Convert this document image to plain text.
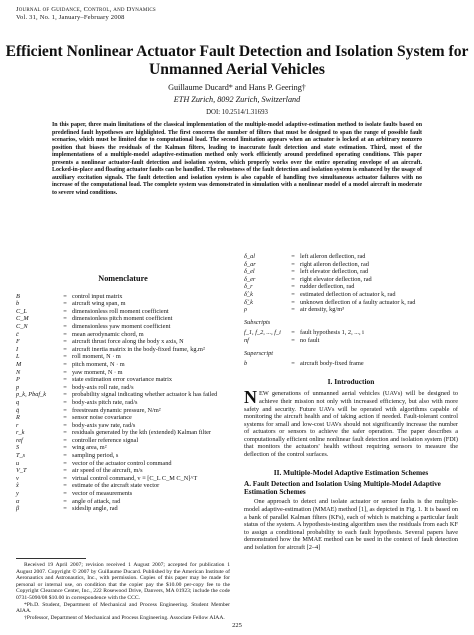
Journal of Guidance, Control, and Dynamics
Vol. 31, No. 1, January–February 2008
Efficient Nonlinear Actuator Fault Detection and Isolation System for Unmanned Aerial Vehicles
Guillaume Ducard* and Hans P. Geering†
ETH Zurich, 8092 Zurich, Switzerland
DOI: 10.2514/1.31693
In this paper, three main limitations of the classical implementation of the multiple-model adaptive-estimation method to isolate faults based on predefined fault hypotheses are highlighted. The first concerns the number of filters that must be designed to span the range of possible fault scenarios, which must be limited due to computational load. The second limitation appears when an actuator is locked at an arbitrary nonzero position that biases the residuals of the Kalman filters, leading to inaccurate fault detection and state estimation. Third, most of the implementations of a multiple-model adaptive-estimation method only work efficiently around predefined operating conditions. This paper presents a nonlinear actuator-fault detection and isolation system, which properly works over the entire operating envelope of an aircraft. Locked-in-place and floating actuator faults can be handled. The robustness of the fault detection and isolation system is enhanced by the usage of auxiliary excitation signals. The fault detection and isolation system is also capable of handling two simultaneous actuator failures with no increase of the computational load. The complete system was demonstrated in simulation with a nonlinear model of a model aircraft in moderate to severe wind conditions.
Nomenclature
B	= control input matrix
b	= aircraft wing span, m
C_L	= dimensionless roll moment coefficient
C_M	= dimensionless pitch moment coefficient
C_N	= dimensionless yaw moment coefficient
c̄	= mean aerodynamic chord, m
F	= aircraft thrust force along the body x axis, N
I	= aircraft inertia matrix in the body-fixed frame, kg.m²
L	= roll moment, N · m
M	= pitch moment, N · m
N	= yaw moment, N · m
P	= state estimation error covariance matrix
p	= body-axis roll rate, rad/s
p_k, Pbaf_k	= probability signal indicating whether actuator k has failed
q	= body-axis pitch rate, rad/s
q̄	= freestream dynamic pressure, N/m²
R	= sensor noise covariance
r	= body-axis yaw rate, rad/s
r_k	= residuals generated by the kth (extended) Kalman filter
ref	= controller reference signal
S	= wing area, m²
T_s	= sampling period, s
u	= vector of the actuator control command
V_T	= air speed of the aircraft, m/s
v	= virtual control command, v ≡ [C_L C_M C_N]^T
x̂	= estimate of the aircraft state vector
y	= vector of measurements
α	= angle of attack, rad
β	= sideslip angle, rad
δ_al	= left aileron deflection, rad
δ_ar	= right aileron deflection, rad
δ_el	= left elevator deflection, rad
δ_er	= right elevator deflection, rad
δ_r	= rudder deflection, rad
δ̂_k	= estimated deflection of actuator k, rad
δ̃_k	= unknown deflection of a faulty actuator k, rad
ρ	= air density, kg/m³
Subscripts
f_1, f_2, ..., f_i	= fault hypothesis 1, 2, ..., i
nf	= no fault
Superscript
b	= aircraft body-fixed frame
I. Introduction
N EW generations of unmanned aerial vehicles (UAVs) will be designed to achieve their mission not only with increased efficiency, but also with more safety and security. Future UAVs will be operated with algorithms capable of monitoring the aircraft health and of taking action if needed. Fault-tolerant control systems for small and low-cost UAVs should not significantly increase the number of actuators or sensors to achieve the safer operation. The paper describes a computationally efficient online nonlinear fault detection and isolation system (FDI) that monitors the actuators' health without requiring sensors to measure the deflection of the control surfaces.
II. Multiple-Model Adaptive Estimation Schemes
A. Fault Detection and Isolation Using Multiple-Model Adaptive Estimation Schemes
One approach to detect and isolate actuator or sensor faults is the multiple-model adaptive-estimation (MMAE) method [1], as depicted in Fig. 1. It is based on a bank of parallel Kalman filters (KFs), each of which is matching a particular fault status of the system. A hypothesis-testing algorithm uses the residuals from each KF to assign a conditional probability to each fault hypothesis. Several papers have demonstrated how the MMAE method can be used in the context of fault detection and isolation for aircraft [2–4]
Received 19 April 2007; revision received 1 August 2007; accepted for publication 1 August 2007. Copyright © 2007 by Guillaume Ducard. Published by the American Institute of Aeronautics and Astronautics, Inc., with permission. Copies of this paper may be made for personal or internal use, on condition that the copier pay the $10.00 per-copy fee to the Copyright Clearance Center, Inc., 222 Rosewood Drive, Danvers, MA 01923; include the code 0731-5090/08 $10.00 in correspondence with the CCC.
*Ph.D. Student, Department of Mechanical and Process Engineering. Student Member AIAA.
†Professor, Department of Mechanical and Process Engineering. Associate Fellow AIAA.
225
